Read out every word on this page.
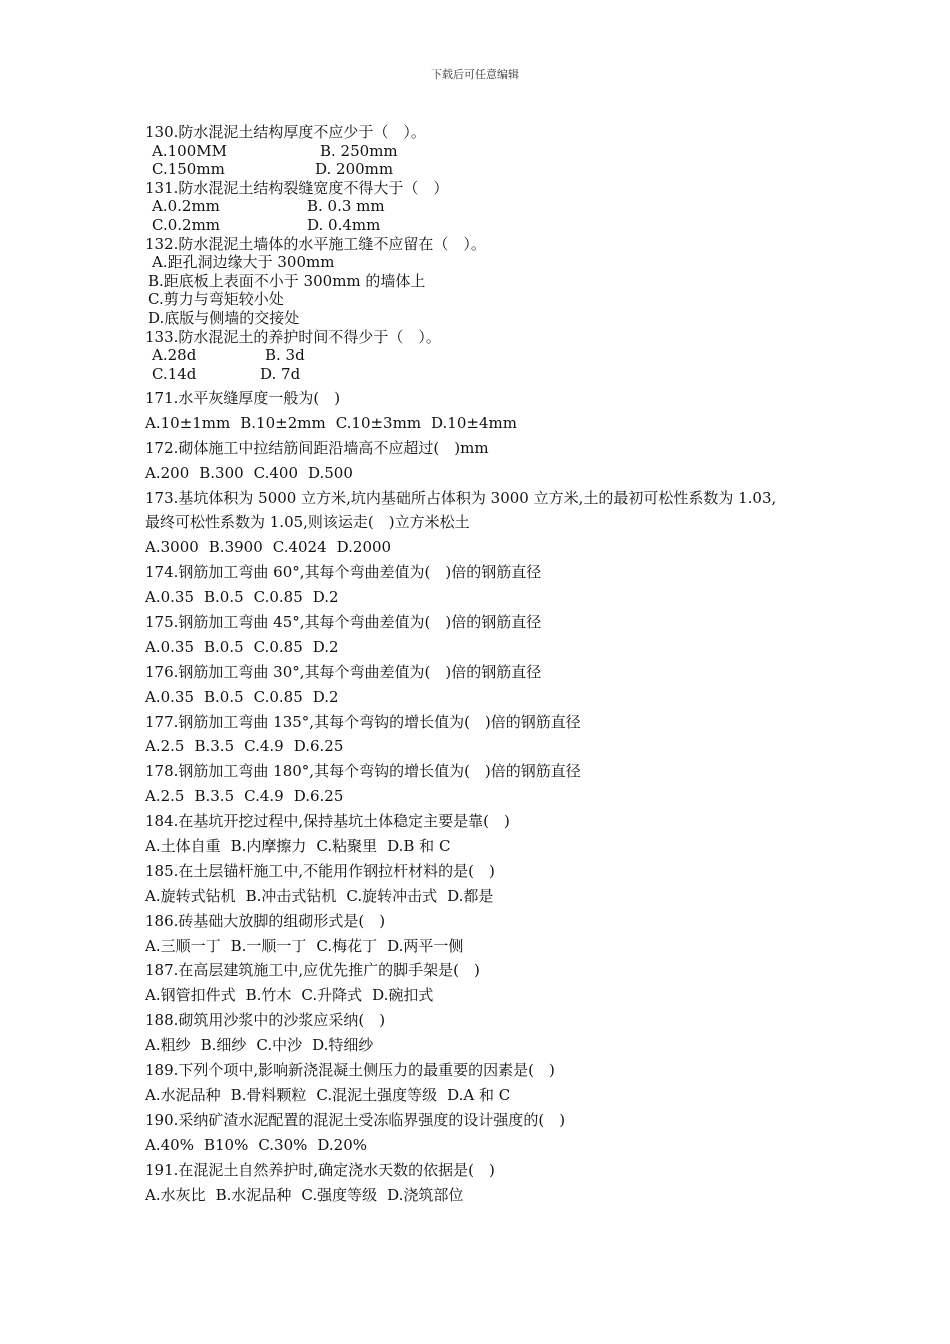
下载后可任意编辑
130.防水混泥土结构厚度不应少于（　）。
A.100MM	B. 250mm
C.150mm	D. 200mm
131.防水混泥土结构裂缝宽度不得大于（　）
A.0.2mm	B. 0.3 mm
C.0.2mm	D. 0.4mm
132.防水混泥土墙体的水平施工缝不应留在（　）。
A.距孔洞边缘大于 300mm
B.距底板上表面不小于 300mm 的墙体上
C.剪力与弯矩较小处
D.底版与侧墙的交接处
133.防水混泥土的养护时间不得少于（　）。
A.28d	B. 3d
C.14d	D. 7d
171.水平灰缝厚度一般为(　)
A.10±1mm B.10±2mm C.10±3mm D.10±4mm
172.砌体施工中拉结筋间距沿墙高不应超过(　)mm
A.200 B.300 C.400 D.500
173.基坑体积为 5000 立方米,坑内基础所占体积为 3000 立方米,土的最初可松性系数为 1.03,
最终可松性系数为 1.05,则该运走(　)立方米松土
A.3000 B.3900 C.4024 D.2000
174.钢筋加工弯曲 60°,其每个弯曲差值为(　)倍的钢筋直径
A.0.35 B.0.5 C.0.85 D.2
175.钢筋加工弯曲 45°,其每个弯曲差值为(　)倍的钢筋直径
A.0.35 B.0.5 C.0.85 D.2
176.钢筋加工弯曲 30°,其每个弯曲差值为(　)倍的钢筋直径
A.0.35 B.0.5 C.0.85 D.2
177.钢筋加工弯曲 135°,其每个弯钩的增长值为(　)倍的钢筋直径
A.2.5 B.3.5 C.4.9 D.6.25
178.钢筋加工弯曲 180°,其每个弯钩的增长值为(　)倍的钢筋直径
A.2.5 B.3.5 C.4.9 D.6.25
184.在基坑开挖过程中,保持基坑土体稳定主要是靠(　)
A.土体自重 B.内摩擦力 C.粘聚里 D.B 和 C
185.在土层锚杆施工中,不能用作钢拉杆材料的是(　)
A.旋转式钻机 B.冲击式钻机 C.旋转冲击式 D.都是
186.砖基础大放脚的组砌形式是(　)
A.三顺一丁 B.一顺一丁 C.梅花丁 D.两平一侧
187.在高层建筑施工中,应优先推广的脚手架是(　)
A.钢管扣件式 B.竹木 C.升降式 D.碗扣式
188.砌筑用沙浆中的沙浆应采纳(　)
A.粗纱 B.细纱 C.中沙 D.特细纱
189.下列个项中,影响新浇混凝土侧压力的最重要的因素是(　)
A.水泥品种 B.骨料颗粒 C.混泥土强度等级 D.A 和 C
190.采纳矿渣水泥配置的混泥土受冻临界强度的设计强度的(　)
A.40% B10% C.30% D.20%
191.在混泥土自然养护时,确定浇水天数的依据是(　)
A.水灰比 B.水泥品种 C.强度等级 D.浇筑部位
